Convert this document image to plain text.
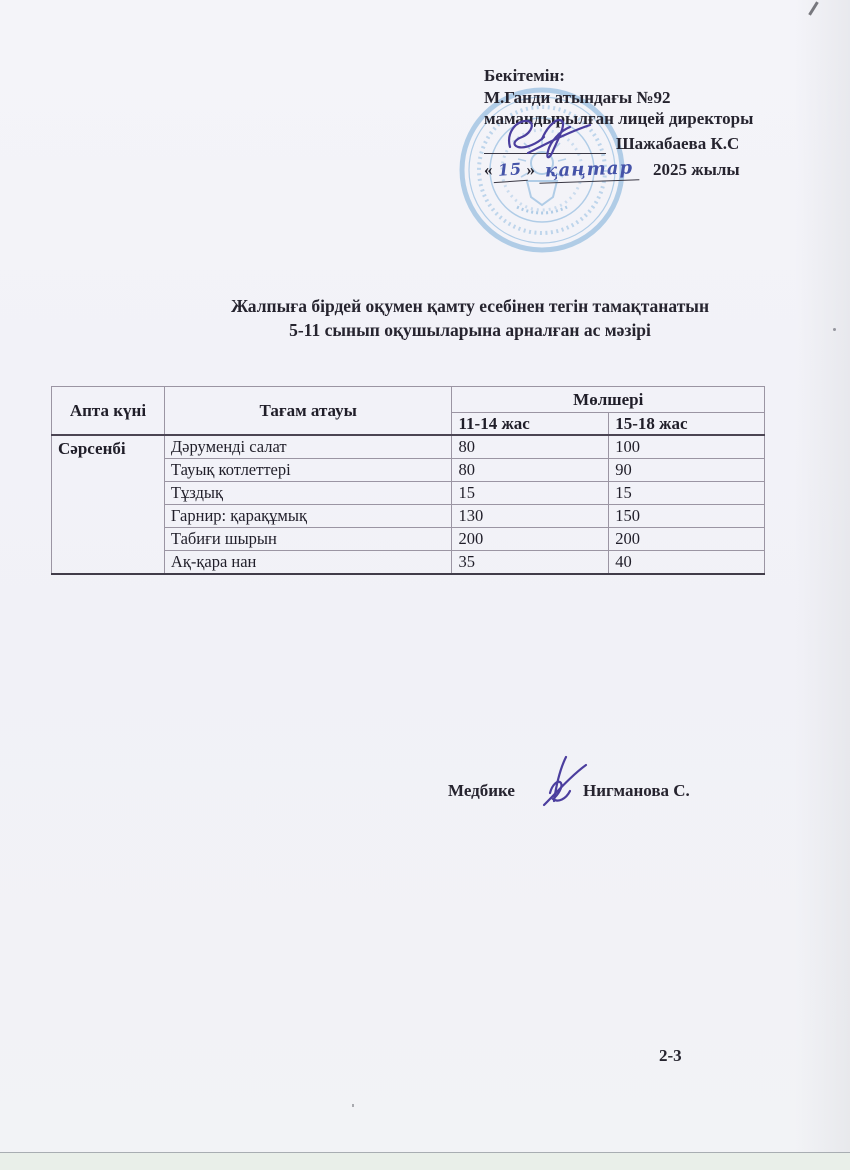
Бекітемін:
М.Ганди атындағы №92
мамандырылған лицей директоры
Шажабаева К.С
« 15 » қаңтар 2025 жылы
Жалпыға бірдей оқумен қамту есебінен тегін тамақтанатын
5-11 сынып оқушыларына арналған ас мәзірі
Апта күні	Тағам атауы	Мөлшері	
		11-14 жас	15-18 жас
Сәрсенбі	Дәруменді салат	80	100
	Тауық котлеттері	80	90
	Тұздық	15	15
	Гарнир: қарақұмық	130	150
	Табиғи шырын	200	200
	Ақ-қара нан	35	40
Медбике	Нигманова С.
2-3
